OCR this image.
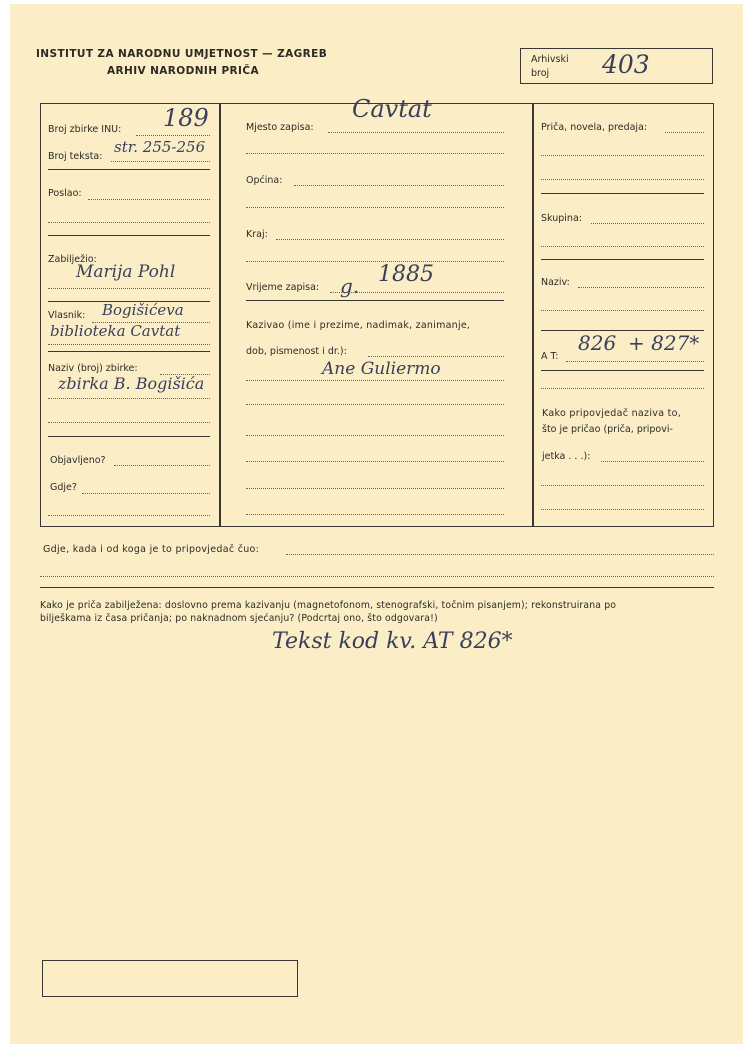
INSTITUT ZA NARODNU UMJETNOST — ZAGREB
ARHIV NARODNIH PRIČA
Arhivski
broj 403
Broj zbirke INU: 189
Broj teksta:
str. 255-256
Poslao:
Zabilježio:
Marija Pohl
Vlasnik: Bogišićeva
biblioteka Cavtat
Naziv (broj) zbirke:
zbirka B. Bogišića
Objavljeno?
Gdje?
Cavtat
Mjesto zapisa:
Općina:
Kraj:
Vrijeme zapisa: g. 1885
Kazivao (ime i prezime, nadimak, zanimanje,
dob, pismenost i dr.):
Ane Guliermo
Priča, novela, predaja:
Skupina:
Naziv:
A T:
826 + 827*
Kako pripovjedač naziva to,
što je pričao (priča, pripovi-
jetka . . .):
Gdje, kada i od koga je to pripovjedač čuo:
Kako je priča zabilježena: doslovno prema kazivanju (magnetofonom, stenografski, točnim pisanjem); rekonstruirana po
bilješkama iz časa pričanja; po naknadnom sjećanju? (Podcrtaj ono, što odgovara!)
Tekst kod kv. AT 826*
